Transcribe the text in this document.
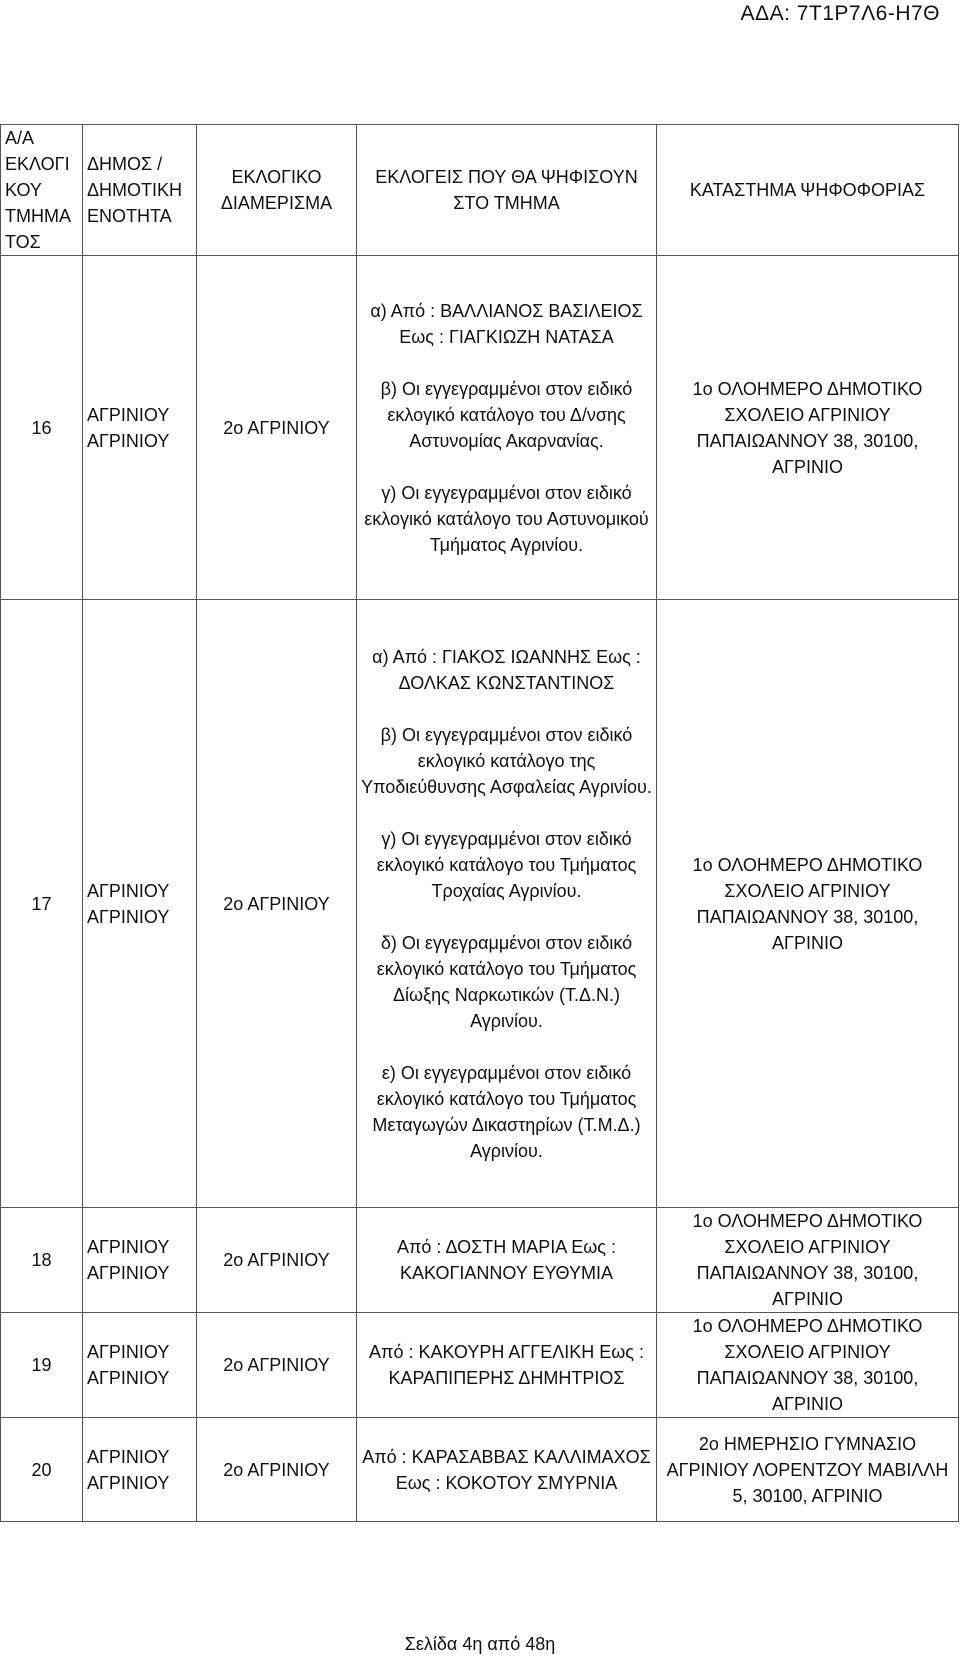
ΑΔΑ: 7Τ1Ρ7Λ6-Η7Θ
Α/Α ΕΚΛΟΓΙ ΚΟΥ ΤΜΗΜΑ ΤΟΣ	ΔΗΜΟΣ / ΔΗΜΟΤΙΚΗ ΕΝΟΤΗΤΑ	ΕΚΛΟΓΙΚΟ ΔΙΑΜΕΡΙΣΜΑ	ΕΚΛΟΓΕΙΣ ΠΟΥ ΘΑ ΨΗΦΙΣΟΥΝ ΣΤΟ ΤΜΗΜΑ	ΚΑΤΑΣΤΗΜΑ ΨΗΦΟΦΟΡΙΑΣ
16	ΑΓΡΙΝΙΟΥ ΑΓΡΙΝΙΟΥ	2ο ΑΓΡΙΝΙΟΥ	α) Από : ΒΑΛΛΙΑΝΟΣ ΒΑΣΙΛΕΙΟΣ Εως : ΓΙΑΓΚΙΩΖΗ ΝΑΤΑΣΑ
β) Οι εγγεγραμμένοι στον ειδικό εκλογικό κατάλογο του Δ/νσης Αστυνομίας Ακαρνανίας.
γ) Οι εγγεγραμμένοι στον ειδικό εκλογικό κατάλογο του Αστυνομικού Τμήματος Αγρινίου.	1ο ΟΛΟΗΜΕΡΟ ΔΗΜΟΤΙΚΟ ΣΧΟΛΕΙΟ ΑΓΡΙΝΙΟΥ ΠΑΠΑΙΩΑΝΝΟΥ 38, 30100, ΑΓΡΙΝΙΟ
17	ΑΓΡΙΝΙΟΥ ΑΓΡΙΝΙΟΥ	2ο ΑΓΡΙΝΙΟΥ	α) Από : ΓΙΑΚΟΣ ΙΩΑΝΝΗΣ Εως : ΔΟΛΚΑΣ ΚΩΝΣΤΑΝΤΙΝΟΣ
β) Οι εγγεγραμμένοι στον ειδικό εκλογικό κατάλογο της Υποδιεύθυνσης Ασφαλείας Αγρινίου.
γ) Οι εγγεγραμμένοι στον ειδικό εκλογικό κατάλογο του Τμήματος Τροχαίας Αγρινίου.
δ) Οι εγγεγραμμένοι στον ειδικό εκλογικό κατάλογο του Τμήματος Δίωξης Ναρκωτικών (Τ.Δ.Ν.) Αγρινίου.
ε) Οι εγγεγραμμένοι στον ειδικό εκλογικό κατάλογο του Τμήματος Μεταγωγών Δικαστηρίων (Τ.Μ.Δ.) Αγρινίου.	1ο ΟΛΟΗΜΕΡΟ ΔΗΜΟΤΙΚΟ ΣΧΟΛΕΙΟ ΑΓΡΙΝΙΟΥ ΠΑΠΑΙΩΑΝΝΟΥ 38, 30100, ΑΓΡΙΝΙΟ
18	ΑΓΡΙΝΙΟΥ ΑΓΡΙΝΙΟΥ	2ο ΑΓΡΙΝΙΟΥ	Από : ΔΟΣΤΗ ΜΑΡΙΑ Εως : ΚΑΚΟΓΙΑΝΝΟΥ ΕΥΘΥΜΙΑ	1ο ΟΛΟΗΜΕΡΟ ΔΗΜΟΤΙΚΟ ΣΧΟΛΕΙΟ ΑΓΡΙΝΙΟΥ ΠΑΠΑΙΩΑΝΝΟΥ 38, 30100, ΑΓΡΙΝΙΟ
19	ΑΓΡΙΝΙΟΥ ΑΓΡΙΝΙΟΥ	2ο ΑΓΡΙΝΙΟΥ	Από : ΚΑΚΟΥΡΗ ΑΓΓΕΛΙΚΗ Εως : ΚΑΡΑΠΙΠΕΡΗΣ ΔΗΜΗΤΡΙΟΣ	1ο ΟΛΟΗΜΕΡΟ ΔΗΜΟΤΙΚΟ ΣΧΟΛΕΙΟ ΑΓΡΙΝΙΟΥ ΠΑΠΑΙΩΑΝΝΟΥ 38, 30100, ΑΓΡΙΝΙΟ
20	ΑΓΡΙΝΙΟΥ ΑΓΡΙΝΙΟΥ	2ο ΑΓΡΙΝΙΟΥ	Από : ΚΑΡΑΣΑΒΒΑΣ ΚΑΛΛΙΜΑΧΟΣ Εως : ΚΟΚΟΤΟΥ ΣΜΥΡΝΙΑ	2ο ΗΜΕΡΗΣΙΟ ΓΥΜΝΑΣΙΟ ΑΓΡΙΝΙΟΥ ΛΟΡΕΝΤΖΟΥ ΜΑΒΙΛΛΗ 5, 30100, ΑΓΡΙΝΙΟ
Σελίδα 4η από 48η
